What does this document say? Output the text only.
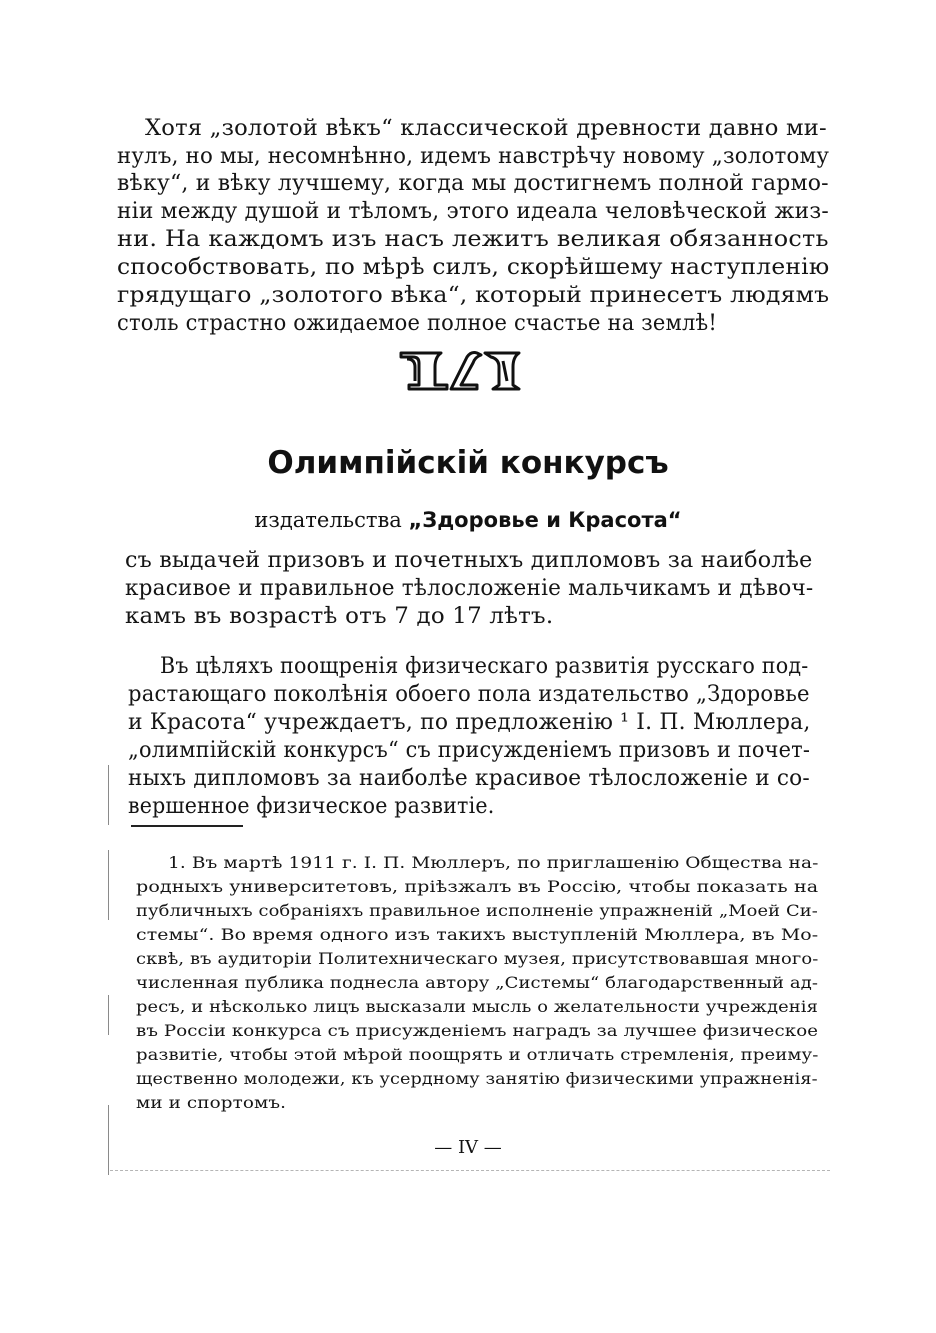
Хотя „золотой вѣкъ“ классической древности давно ми-
нулъ, но мы, несомнѣнно, идемъ навстрѣчу новому „золотому
вѣку“, и вѣку лучшему, когда мы достигнемъ полной гармо-
ніи между душой и тѣломъ, этого идеала человѣческой жиз-
ни. На каждомъ изъ насъ лежитъ великая обязанность
способствовать, по мѣрѣ силъ, скорѣйшему наступленію
грядущаго „золотого вѣка“, который принесетъ людямъ
столь страстно ожидаемое полное счастье на землѣ!
Олимпійскій конкурсъ
издательства „Здоровье и Красота“
съ выдачей призовъ и почетныхъ дипломовъ за наиболѣе
красивое и правильное тѣлосложеніе мальчикамъ и дѣвоч-
камъ въ возрастѣ отъ 7 до 17 лѣтъ.
Въ цѣляхъ поощренія физическаго развитія русскаго под-
растающаго поколѣнія обоего пола издательство „Здоровье
и Красота“ учреждаетъ, по предложенію ¹ І. П. Мюллера,
„олимпійскій конкурсъ“ съ присужденіемъ призовъ и почет-
ныхъ дипломовъ за наиболѣе красивое тѣлосложеніе и со-
вершенное физическое развитіе.
1. Въ мартѣ 1911 г. І. П. Мюллеръ, по приглашенію Общества на-
родныхъ университетовъ, пріѣзжалъ въ Россію, чтобы показать на
публичныхъ собраніяхъ правильное исполненіе упражненій „Моей Си-
стемы“. Во время одного изъ такихъ выступленій Мюллера, въ Мо-
сквѣ, въ аудиторіи Политехническаго музея, присутствовавшая много-
численная публика поднесла автору „Системы“ благодарственный ад-
ресъ, и нѣсколько лицъ высказали мысль о желательности учрежденія
въ Россіи конкурса съ присужденіемъ наградъ за лучшее физическое
развитіе, чтобы этой мѣрой поощрять и отличать стремленія, преиму-
щественно молодежи, къ усердному занятію физическими упражненія-
ми и спортомъ.
— IV —
